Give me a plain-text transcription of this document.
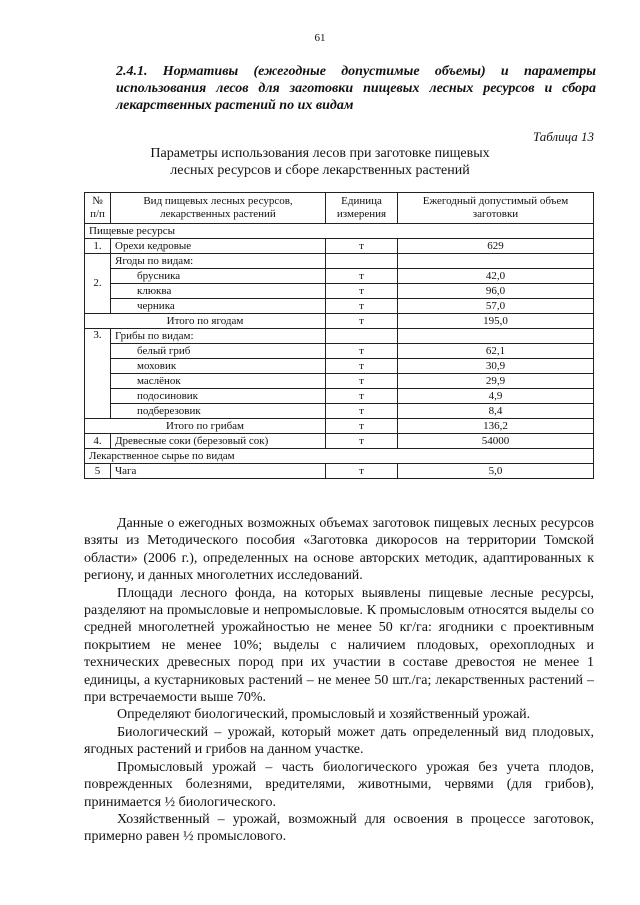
61
2.4.1. Нормативы (ежегодные допустимые объемы) и параметры использования лесов для заготовки пищевых лесных ресурсов и сбора лекарственных растений по их видам
Таблица 13
Параметры использования лесов при заготовке пищевых
лесных ресурсов и сборе лекарственных растений
№ п/п	Вид пищевых лесных ресурсов, лекарственных растений	Единица измерения	Ежегодный допустимый объем заготовки
Пищевые ресурсы			
1.	Орехи кедровые	т	629
2.	Ягоды по видам:		
	брусника	т	42,0
	клюква	т	96,0
	черника	т	57,0
Итого по ягодам		т	195,0
3.	Грибы по видам:		
	белый гриб	т	62,1
	моховик	т	30,9
	маслёнок	т	29,9
	подосиновик	т	4,9
	подберезовик	т	8,4
Итого по грибам		т	136,2
4.	Древесные соки (березовый сок)	т	54000
Лекарственное сырье по видам			
5	Чага	т	5,0

Данные о ежегодных возможных объемах заготовок пищевых лесных ресурсов взяты из Методического пособия «Заготовка дикоросов на территории Томской области» (2006 г.), определенных на основе авторских методик, адаптированных к региону, и данных многолетних исследований.

Площади лесного фонда, на которых выявлены пищевые лесные ресурсы, разделяют на промысловые и непромысловые. К промысловым относятся выделы со средней многолетней урожайностью не менее 50 кг/га: ягодники с проективным покрытием не менее 10%; выделы с наличием плодовых, орехоплодных и технических древесных пород при их участии в составе древостоя не менее 1 единицы, а кустарниковых растений – не менее 50 шт./га; лекарственных растений – при встречаемости выше 70%.

Определяют биологический, промысловый и хозяйственный урожай.

Биологический – урожай, который может дать определенный вид плодовых, ягодных растений и грибов на данном участке.

Промысловый урожай – часть биологического урожая без учета плодов, поврежденных болезнями, вредителями, животными, червями (для грибов), принимается ½ биологического.

Хозяйственный – урожай, возможный для освоения в процессе заготовок, примерно равен ½ промыслового.
